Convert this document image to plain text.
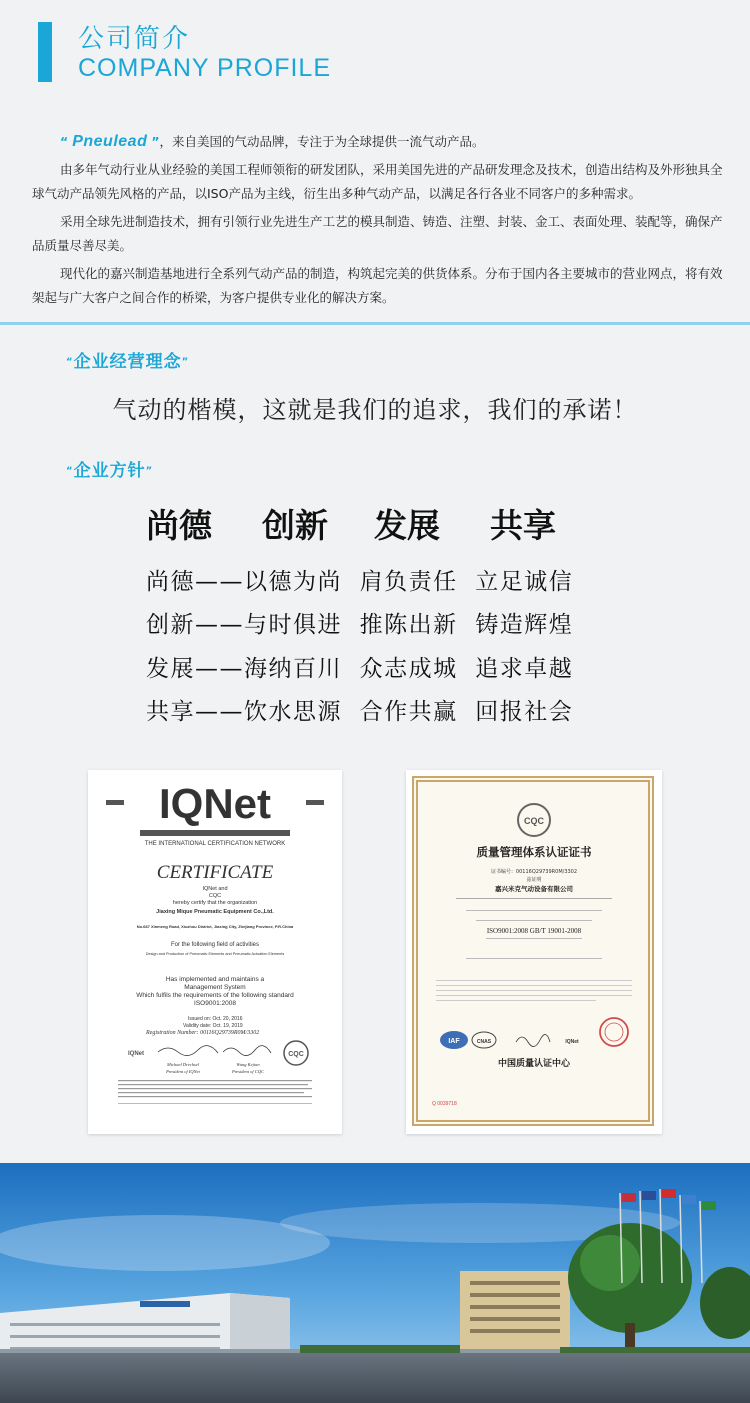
公司简介
COMPANY PROFILE

“ Pneulead ”，来自美国的气动品牌，专注于为全球提供一流气动产品。

由多年气动行业从业经验的美国工程师领衔的研发团队，采用美国先进的产品研发理念及技术，创造出结构及外形独具全球气动产品领先风格的产品，以ISO产品为主线，衍生出多种气动产品，以满足各行各业不同客户的多种需求。

采用全球先进制造技术，拥有引领行业先进生产工艺的模具制造、铸造、注塑、封装、金工、表面处理、装配等，确保产品质量尽善尽美。

现代化的嘉兴制造基地进行全系列气动产品的制造，构筑起完美的供货体系。分布于国内各主要城市的营业网点，将有效架起与广大客户之间合作的桥梁，为客户提供专业化的解决方案。

“企业经营理念”
气动的楷模，这就是我们的追求，我们的承诺！
“企业方针”
尚德 创新 发展 共享
尚德——以德为尚  肩负责任  立足诚信
创新——与时俱进  推陈出新  铸造辉煌
发展——海纳百川  众志成城  追求卓越
共享——饮水思源  合作共赢  回报社会
IQNet
THE INTERNATIONAL CERTIFICATION NETWORK
CERTIFICATE
IQNet and
CQC
hereby certify that the organization
Jiaxing Mique Pneumatic Equipment Co.,Ltd.
No.687 Xinmeng Road, Xiuzhou District, Jiaxing City, Zhejiang Province, P.R.China
For the following field of activities
Design and Production of Pneumatic Elements and Pneumatic Actuation Elements
Has implemented and maintains a
Management System
Which fulfils the requirements of the following standard
ISO9001:2008
Issued on: Oct. 20, 2016
Validity date: Oct. 19, 2019
Registration Number: 00116Q29739R0M/3302
IQNet	CQC
Michael Drechsel
President of IQNet
Wang Kejian
President of CQC
CQC
质量管理体系认证证书
证书编号：00116Q29739R0M/3302
兹证明
嘉兴米克气动设备有限公司
ISO9001:2008 GB/T 19001-2008
IAF	CNAS	IQNet
中国质量认证中心
Q 0039718
